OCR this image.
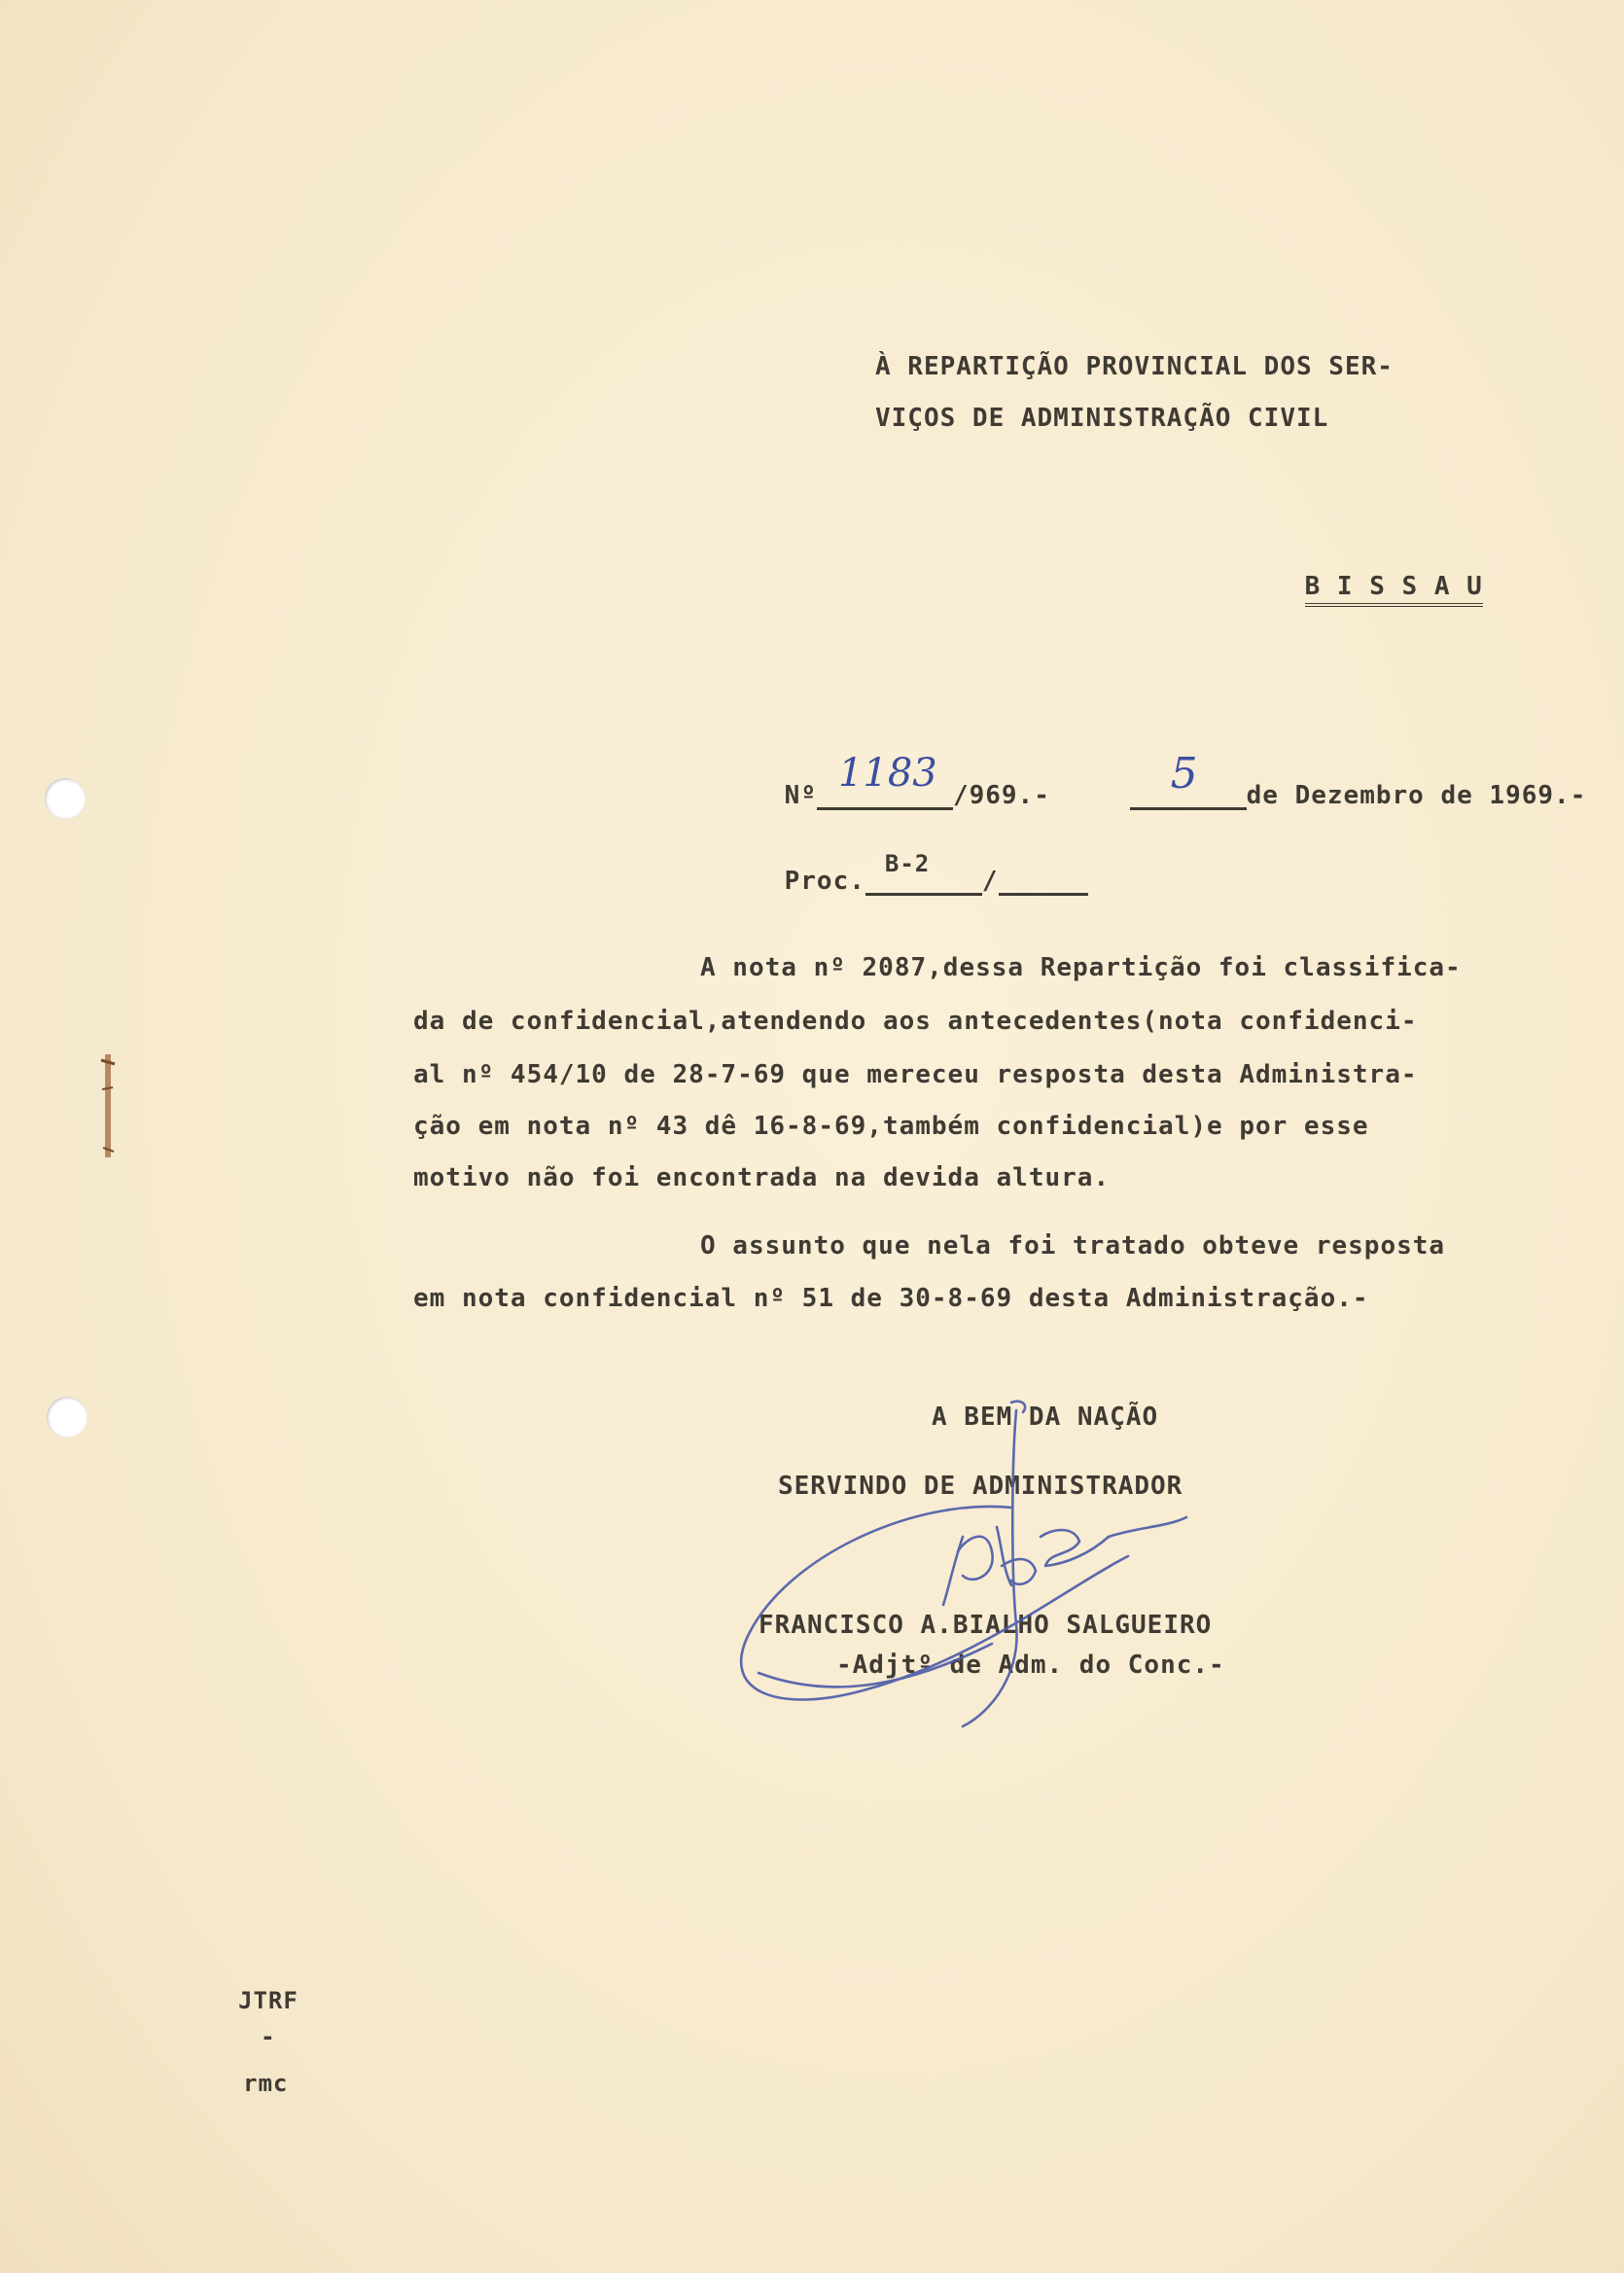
À REPARTIÇÃO PROVINCIAL DOS SER-
VIÇOS DE ADMINISTRAÇÃO CIVIL

B I S S A U

Nº 1183 /969.-

	5 de Dezembro de 1969.-

Proc.
B-2
/

A nota nº 2087,dessa Repartição foi classifica-
da de confidencial,atendendo aos antecedentes(nota confidenci-
al nº 454/10 de 28-7-69 que mereceu resposta desta Administra-
ção em nota nº 43 dê 16-8-69,também confidencial)e por esse
motivo não foi encontrada na devida altura.
O assunto que nela foi tratado obteve resposta
em nota confidencial nº 51 de 30-8-69 desta Administração.-
A BEM DA NAÇÃO
SERVINDO DE ADMINISTRADOR
FRANCISCO A.BIALHO SALGUEIRO
-Adjtº de Adm. do Conc.-
JTRF
-
rmc
